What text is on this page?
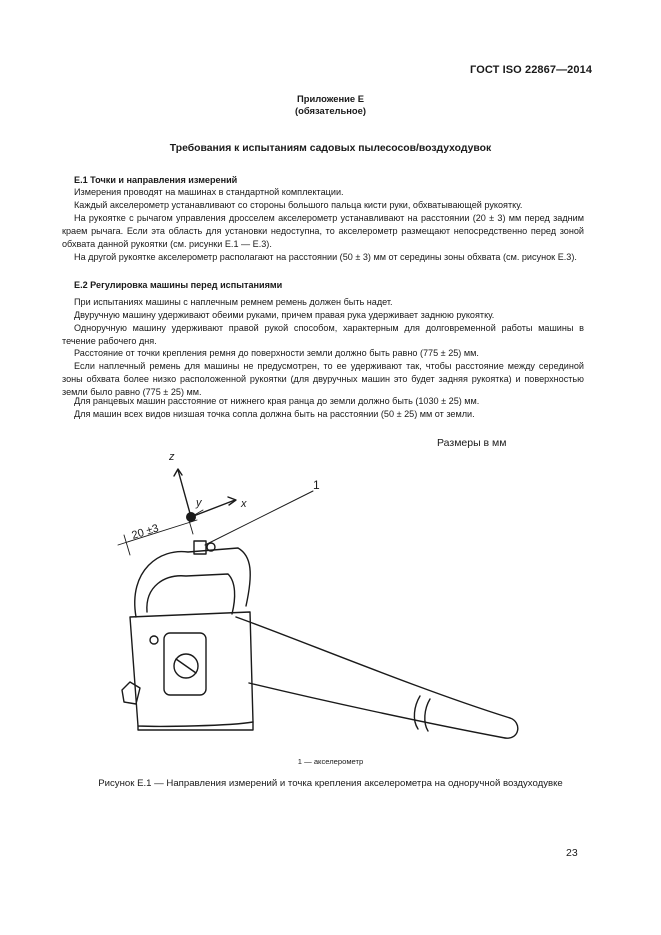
ГОСТ ISO 22867—2014
Приложение Е
(обязательное)
Требования к испытаниям садовых пылесосов/воздуходувок
Е.1 Точки и направления измерений
Измерения проводят на машинах в стандартной комплектации.
Каждый акселерометр устанавливают со стороны большого пальца кисти руки, обхватывающей рукоятку.
На рукоятке с рычагом управления дросселем акселерометр устанавливают на расстоянии (20 ± 3) мм перед задним краем рычага. Если эта область для установки недоступна, то акселерометр размещают непосредственно перед зоной обхвата данной рукоятки (см. рисунки Е.1 — Е.3).
На другой рукоятке акселерометр располагают на расстоянии (50 ± 3) мм от середины зоны обхвата (см. рисунок Е.3).
Е.2 Регулировка машины перед испытаниями
При испытаниях машины с наплечным ремнем ремень должен быть надет.
Двуручную машину удерживают обеими руками, причем правая рука удерживает заднюю рукоятку.
Одноручную машину удерживают правой рукой способом, характерным для долговременной работы машины в течение рабочего дня.
Расстояние от точки крепления ремня до поверхности земли должно быть равно (775 ± 25) мм.
Если наплечный ремень для машины не предусмотрен, то ее удерживают так, чтобы расстояние между серединой зоны обхвата более низко расположенной рукоятки (для двуручных машин это будет задняя рукоятка) и поверхностью земли было равно (775 ± 25) мм.
Для ранцевых машин расстояние от нижнего края ранца до земли должно быть (1030 ± 25) мм.
Для машин всех видов низшая точка сопла должна быть на расстоянии (50 ± 25) мм от земли.
Размеры в мм
z
y	x
1
20 ±3
1 — акселерометр
Рисунок Е.1 — Направления измерений и точка крепления акселерометра на одноручной воздуходувке
23
